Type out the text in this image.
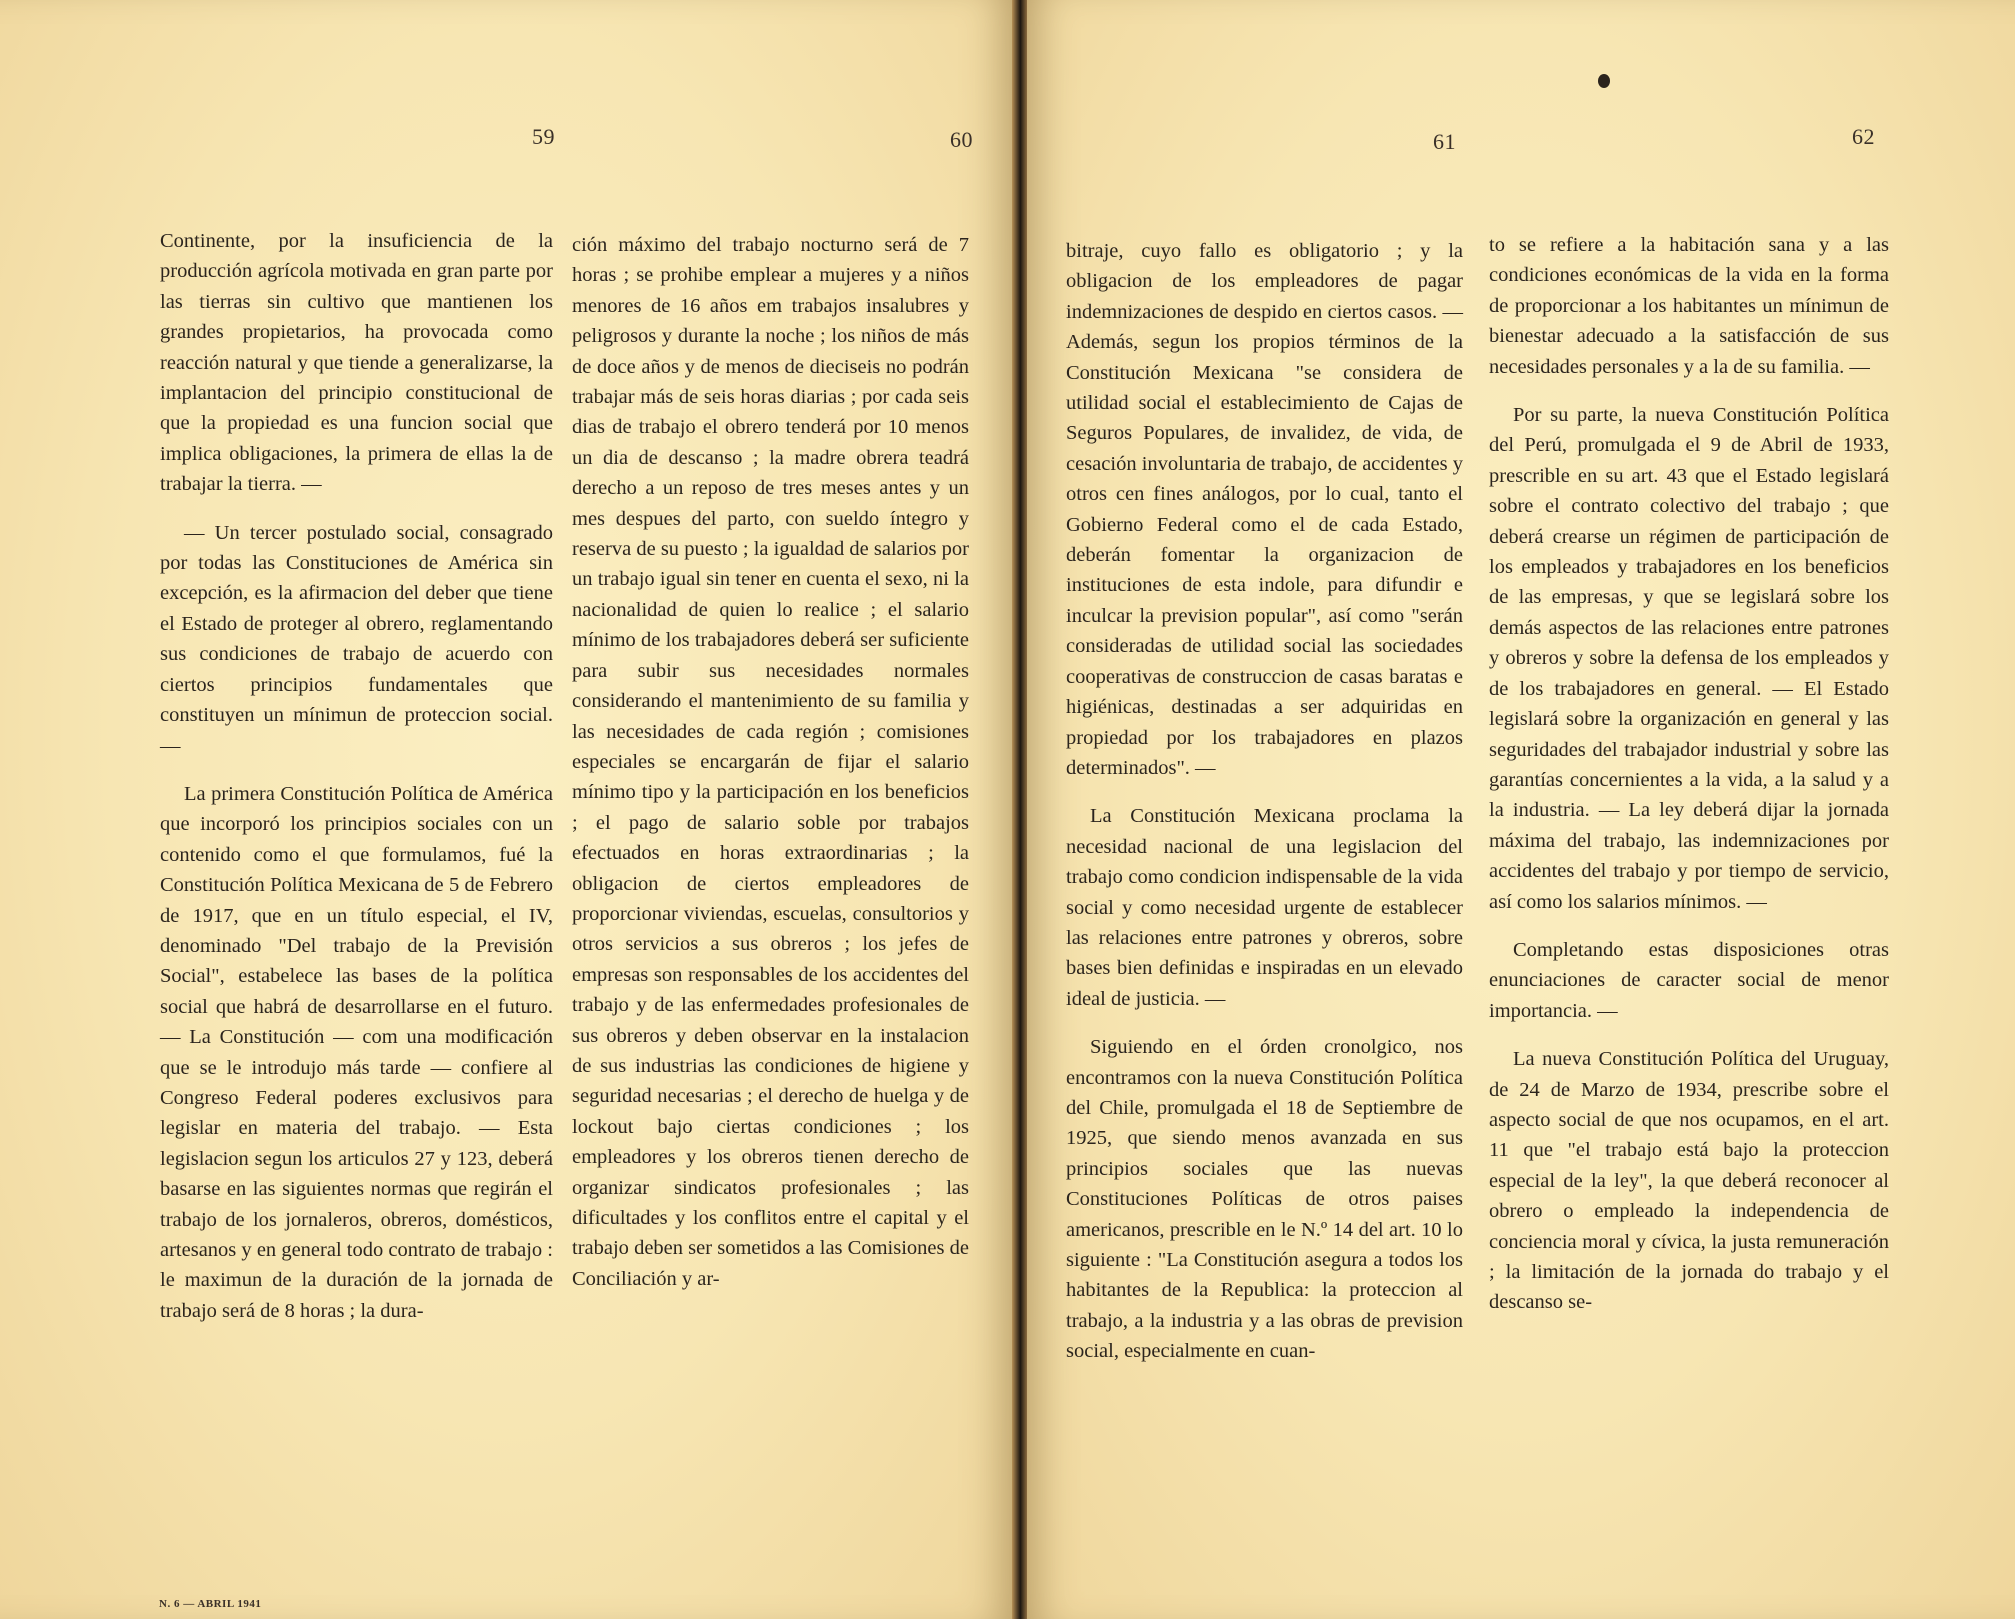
59	60	61	62

Continente, por la insuficiencia de la producción agrícola motivada en gran parte por las tierras sin cultivo que mantienen los grandes propietarios, ha provocada como reacción natural y que tiende a generalizarse, la implantacion del principio constitucional de que la propiedad es una funcion social que implica obligaciones, la primera de ellas la de trabajar la tierra. —

— Un tercer postulado social, consagrado por todas las Constituciones de América sin excepción, es la afirmacion del deber que tiene el Estado de proteger al obrero, reglamentando sus condiciones de trabajo de acuerdo con ciertos principios fundamentales que constituyen un mínimun de proteccion social. —

La primera Constitución Política de América que incorporó los principios sociales con un contenido como el que formulamos, fué la Constitución Política Mexicana de 5 de Febrero de 1917, que en un título especial, el IV, denominado "Del trabajo de la Previsión Social", estabelece las bases de la política social que habrá de desarrollarse en el futuro. — La Constitución — com una modificación que se le introdujo más tarde — confiere al Congreso Federal poderes exclusivos para legislar en materia del trabajo. — Esta legislacion segun los articulos 27 y 123, deberá basarse en las siguientes normas que regirán el trabajo de los jornaleros, obreros, domésticos, artesanos y en general todo contrato de trabajo : le maximun de la duración de la jornada de trabajo será de 8 horas ; la dura-

ción máximo del trabajo nocturno será de 7 horas ; se prohibe emplear a mujeres y a niños menores de 16 años em trabajos insalubres y peligrosos y durante la noche ; los niños de más de doce años y de menos de dieciseis no podrán trabajar más de seis horas diarias ; por cada seis dias de trabajo el obrero tenderá por 10 menos un dia de descanso ; la madre obrera teadrá derecho a un reposo de tres meses antes y un mes despues del parto, con sueldo íntegro y reserva de su puesto ; la igualdad de salarios por un trabajo igual sin tener en cuenta el sexo, ni la nacionalidad de quien lo realice ; el salario mínimo de los trabajadores deberá ser suficiente para subir sus necesidades normales considerando el mantenimiento de su familia y las necesidades de cada región ; comisiones especiales se encargarán de fijar el salario mínimo tipo y la participación en los beneficios ; el pago de salario soble por trabajos efectuados en horas extraordinarias ; la obligacion de ciertos empleadores de proporcionar viviendas, escuelas, consultorios y otros servicios a sus obreros ; los jefes de empresas son responsables de los accidentes del trabajo y de las enfermedades profesionales de sus obreros y deben observar en la instalacion de sus industrias las condiciones de higiene y seguridad necesarias ; el derecho de huelga y de lockout bajo ciertas condiciones ; los empleadores y los obreros tienen derecho de organizar sindicatos profesionales ; las dificultades y los conflitos entre el capital y el trabajo deben ser sometidos a las Comisiones de Conciliación y ar-

bitraje, cuyo fallo es obligatorio ; y la obligacion de los empleadores de pagar indemnizaciones de despido en ciertos casos. — Además, segun los propios términos de la Constitución Mexicana "se considera de utilidad social el establecimiento de Cajas de Seguros Populares, de invalidez, de vida, de cesación involuntaria de trabajo, de accidentes y otros cen fines análogos, por lo cual, tanto el Gobierno Federal como el de cada Estado, deberán fomentar la organizacion de instituciones de esta indole, para difundir e inculcar la prevision popular", así como "serán consideradas de utilidad social las sociedades cooperativas de construccion de casas baratas e higiénicas, destinadas a ser adquiridas en propiedad por los trabajadores en plazos determinados". —

La Constitución Mexicana proclama la necesidad nacional de una legislacion del trabajo como condicion indispensable de la vida social y como necesidad urgente de establecer las relaciones entre patrones y obreros, sobre bases bien definidas e inspiradas en un elevado ideal de justicia. —

Siguiendo en el órden cronolgico, nos encontramos con la nueva Constitución Política del Chile, promulgada el 18 de Septiembre de 1925, que siendo menos avanzada en sus principios sociales que las nuevas Constituciones Políticas de otros paises americanos, prescrible en le N.º 14 del art. 10 lo siguiente : "La Constitución asegura a todos los habitantes de la Republica: la proteccion al trabajo, a la industria y a las obras de prevision social, especialmente en cuan-

to se refiere a la habitación sana y a las condiciones económicas de la vida en la forma de proporcionar a los habitantes un mínimun de bienestar adecuado a la satisfacción de sus necesidades personales y a la de su familia. —

Por su parte, la nueva Constitución Política del Perú, promulgada el 9 de Abril de 1933, prescrible en su art. 43 que el Estado legislará sobre el contrato colectivo del trabajo ; que deberá crearse un régimen de participación de los empleados y trabajadores en los beneficios de las empresas, y que se legislará sobre los demás aspectos de las relaciones entre patrones y obreros y sobre la defensa de los empleados y de los trabajadores en general. — El Estado legislará sobre la organización en general y las seguridades del trabajador industrial y sobre las garantías concernientes a la vida, a la salud y a la industria. — La ley deberá dijar la jornada máxima del trabajo, las indemnizaciones por accidentes del trabajo y por tiempo de servicio, así como los salarios mínimos. —

Completando estas disposiciones otras enunciaciones de caracter social de menor importancia. —

La nueva Constitución Política del Uruguay, de 24 de Marzo de 1934, prescribe sobre el aspecto social de que nos ocupamos, en el art. 11 que "el trabajo está bajo la proteccion especial de la ley", la que deberá reconocer al obrero o empleado la independencia de conciencia moral y cívica, la justa remuneración ; la limitación de la jornada do trabajo y el descanso se-

N. 6 — ABRIL 1941
